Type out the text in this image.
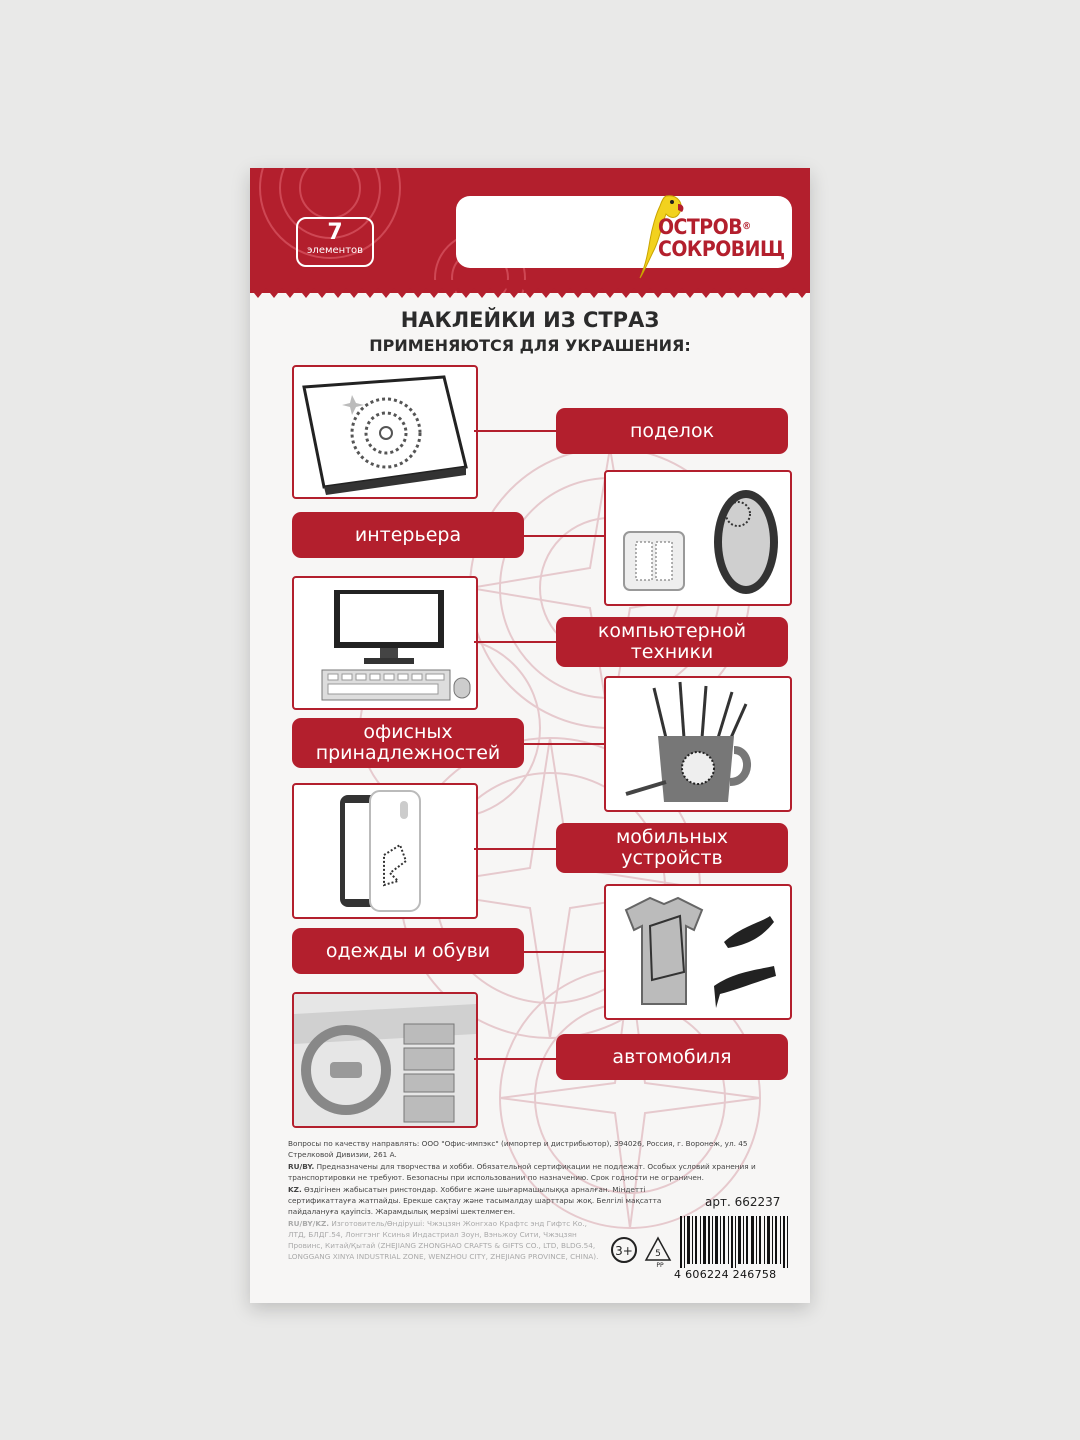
7
элементов
ОСТРОВ®
СОКРОВИЩ
НАКЛЕЙКИ ИЗ СТРАЗ
ПРИМЕНЯЮТСЯ ДЛЯ УКРАШЕНИЯ:
поделок
интерьера
компьютерной
техники
офисных
принадлежностей
мобильных
устройств
одежды и обуви
автомобиля
Вопросы по качеству направлять: ООО "Офис-импэкс" (импортер и дистрибьютор), 394026, Россия, г. Воронеж, ул. 45 Стрелковой Дивизии, 261 А.
RU/BY. Предназначены для творчества и хобби. Обязательной сертификации не подлежат. Особых условий хранения и транспортировки не требуют. Безопасны при использовании по назначению. Срок годности не ограничен.
KZ. Өздігінен жабысатын ринстондар. Хоббиге және шығармашылыққа арналған. Міндетті сертификаттауға жатпайды. Ерекше сақтау және тасымалдау шарттары жоқ. Белгілі мақсатта пайдалануға қауіпсіз. Жарамдылық мерзімі шектелмеген.
RU/BY/KZ. Изготовитель/Өндіруші: Чжэцзян Жонгхао Крафтс энд Гифтс Ко., ЛТД, БЛДГ.54, Лонггэнг Ксинья Индастриал Зоун, Вэньжоу Сити, Чжэцзян Провинс, Китай/Қытай (ZHEJIANG ZHONGHAO CRAFTS & GIFTS CO., LTD, BLDG.54, LONGGANG XINYA INDUSTRIAL ZONE, WENZHOU CITY, ZHEJIANG PROVINCE, CHINA).
арт. 662237
3+ 5
PP
4 606224 246758
